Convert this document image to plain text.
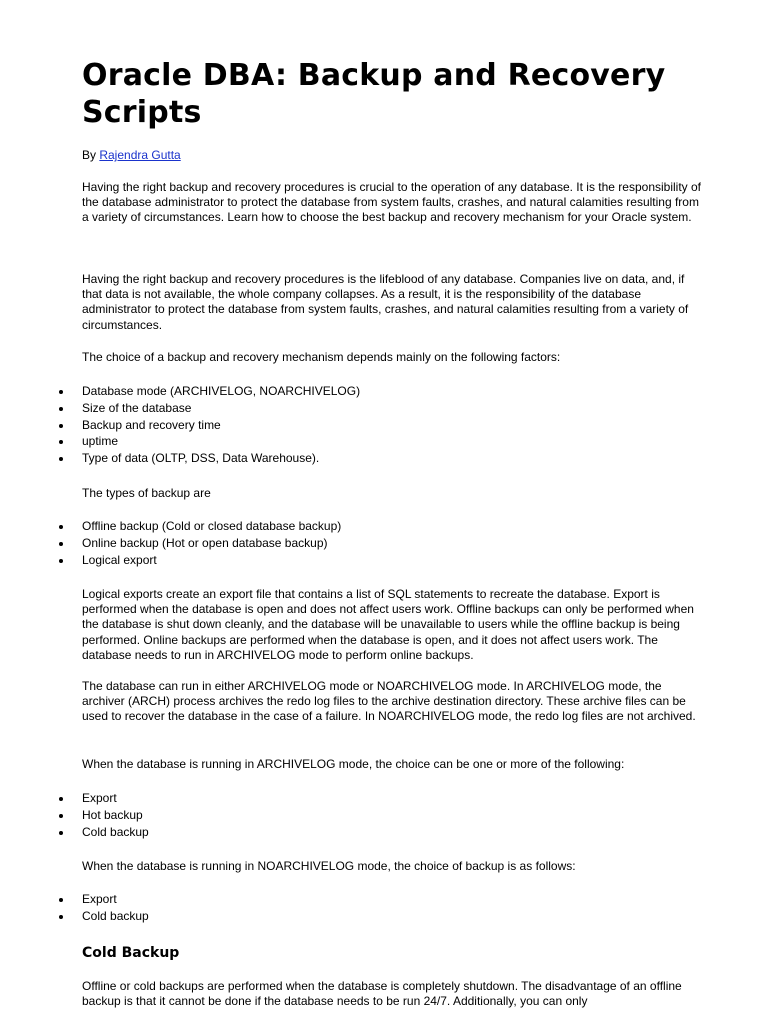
Oracle DBA: Backup and Recovery Scripts

By Rajendra Gutta

Having the right backup and recovery procedures is crucial to the operation of any database. It is the responsibility of the database administrator to protect the database from system faults, crashes, and natural calamities resulting from a variety of circumstances. Learn how to choose the best backup and recovery mechanism for your Oracle system.

Having the right backup and recovery procedures is the lifeblood of any database. Companies live on data, and, if that data is not available, the whole company collapses. As a result, it is the responsibility of the database administrator to protect the database from system faults, crashes, and natural calamities resulting from a variety of circumstances.

The choice of a backup and recovery mechanism depends mainly on the following factors:

Database mode (ARCHIVELOG, NOARCHIVELOG)
Size of the database
Backup and recovery time
uptime
Type of data (OLTP, DSS, Data Warehouse).

The types of backup are

Offline backup (Cold or closed database backup)
Online backup (Hot or open database backup)
Logical export

Logical exports create an export file that contains a list of SQL statements to recreate the database. Export is performed when the database is open and does not affect users work. Offline backups can only be performed when the database is shut down cleanly, and the database will be unavailable to users while the offline backup is being performed. Online backups are performed when the database is open, and it does not affect users work. The database needs to run in ARCHIVELOG mode to perform online backups.

The database can run in either ARCHIVELOG mode or NOARCHIVELOG mode. In ARCHIVELOG mode, the archiver (ARCH) process archives the redo log files to the archive destination directory. These archive files can be used to recover the database in the case of a failure. In NOARCHIVELOG mode, the redo log files are not archived.

When the database is running in ARCHIVELOG mode, the choice can be one or more of the following:

Export
Hot backup
Cold backup

When the database is running in NOARCHIVELOG mode, the choice of backup is as follows:

Export
Cold backup
Cold Backup

Offline or cold backups are performed when the database is completely shutdown. The disadvantage of an offline backup is that it cannot be done if the database needs to be run 24/7. Additionally, you can only
